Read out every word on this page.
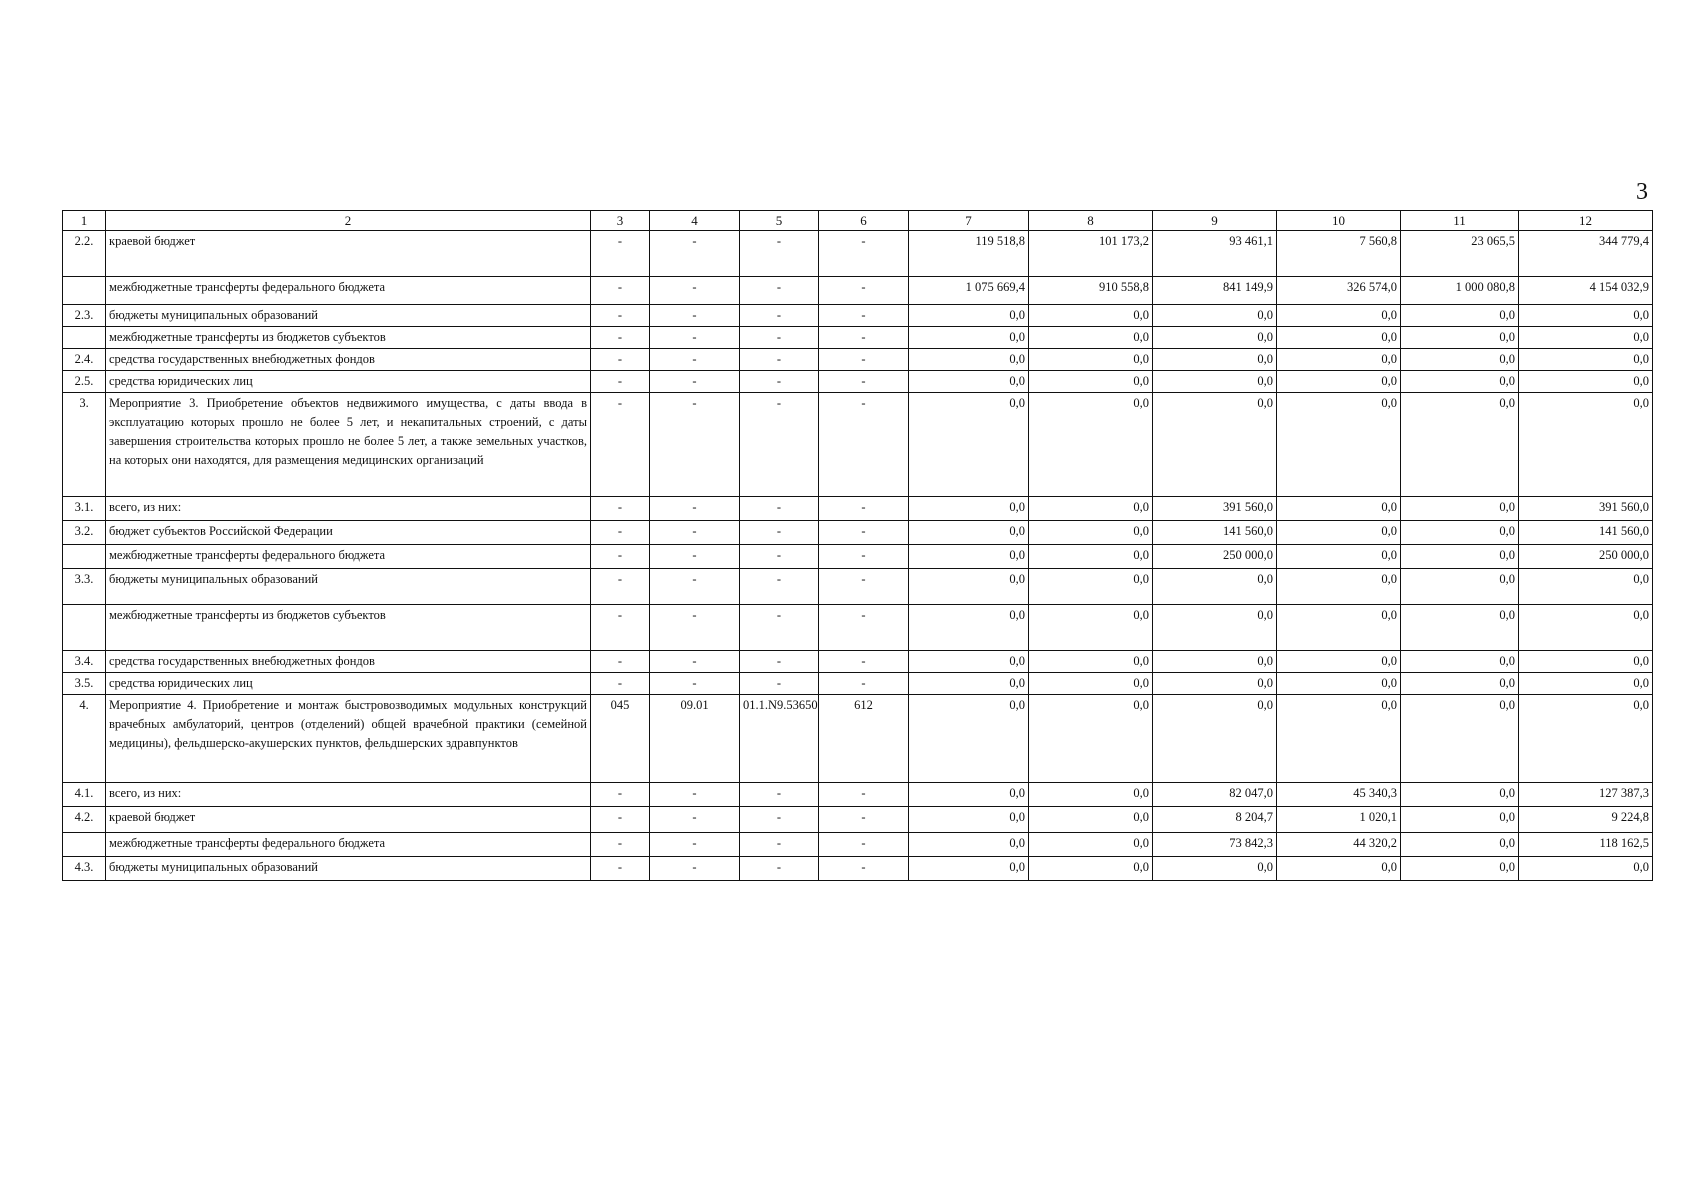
3
1	2	3	4	5	6	7	8	9	10	11	12
2.2.	краевой бюджет	-	-	-	-	119 518,8	101 173,2	93 461,1	7 560,8	23 065,5	344 779,4
	межбюджетные трансферты федерального бюджета	-	-	-	-	1 075 669,4	910 558,8	841 149,9	326 574,0	1 000 080,8	4 154 032,9
2.3.	бюджеты муниципальных образований	-	-	-	-	0,0	0,0	0,0	0,0	0,0	0,0
	межбюджетные трансферты из бюджетов субъектов	-	-	-	-	0,0	0,0	0,0	0,0	0,0	0,0
2.4.	средства государственных внебюджетных фондов	-	-	-	-	0,0	0,0	0,0	0,0	0,0	0,0
2.5.	средства юридических лиц	-	-	-	-	0,0	0,0	0,0	0,0	0,0	0,0
3.	Мероприятие 3. Приобретение объектов недвижимого имущества, с даты ввода в эксплуатацию которых прошло не более 5 лет, и некапитальных строений, с даты завершения строительства которых прошло не более 5 лет, а также земельных участков, на которых они находятся, для размещения медицинских организаций	-	-	-	-	0,0	0,0	0,0	0,0	0,0	0,0
3.1.	всего, из них:	-	-	-	-	0,0	0,0	391 560,0	0,0	0,0	391 560,0
3.2.	бюджет субъектов Российской Федерации	-	-	-	-	0,0	0,0	141 560,0	0,0	0,0	141 560,0
	межбюджетные трансферты федерального бюджета	-	-	-	-	0,0	0,0	250 000,0	0,0	0,0	250 000,0
3.3.	бюджеты муниципальных образований	-	-	-	-	0,0	0,0	0,0	0,0	0,0	0,0
	межбюджетные трансферты из бюджетов субъектов	-	-	-	-	0,0	0,0	0,0	0,0	0,0	0,0
3.4.	средства государственных внебюджетных фондов	-	-	-	-	0,0	0,0	0,0	0,0	0,0	0,0
3.5.	средства юридических лиц	-	-	-	-	0,0	0,0	0,0	0,0	0,0	0,0
4.	Мероприятие 4. Приобретение и монтаж быстровозводимых модульных конструкций врачебных амбулаторий, центров (отделений) общей врачебной практики (семейной медицины), фельдшерско-акушерских пунктов, фельдшерских здравпунктов	045	09.01	01.1.N9.53650	612	0,0	0,0	0,0	0,0	0,0	0,0
4.1.	всего, из них:	-	-	-	-	0,0	0,0	82 047,0	45 340,3	0,0	127 387,3
4.2.	краевой бюджет	-	-	-	-	0,0	0,0	8 204,7	1 020,1	0,0	9 224,8
	межбюджетные трансферты федерального бюджета	-	-	-	-	0,0	0,0	73 842,3	44 320,2	0,0	118 162,5
4.3.	бюджеты муниципальных образований	-	-	-	-	0,0	0,0	0,0	0,0	0,0	0,0
